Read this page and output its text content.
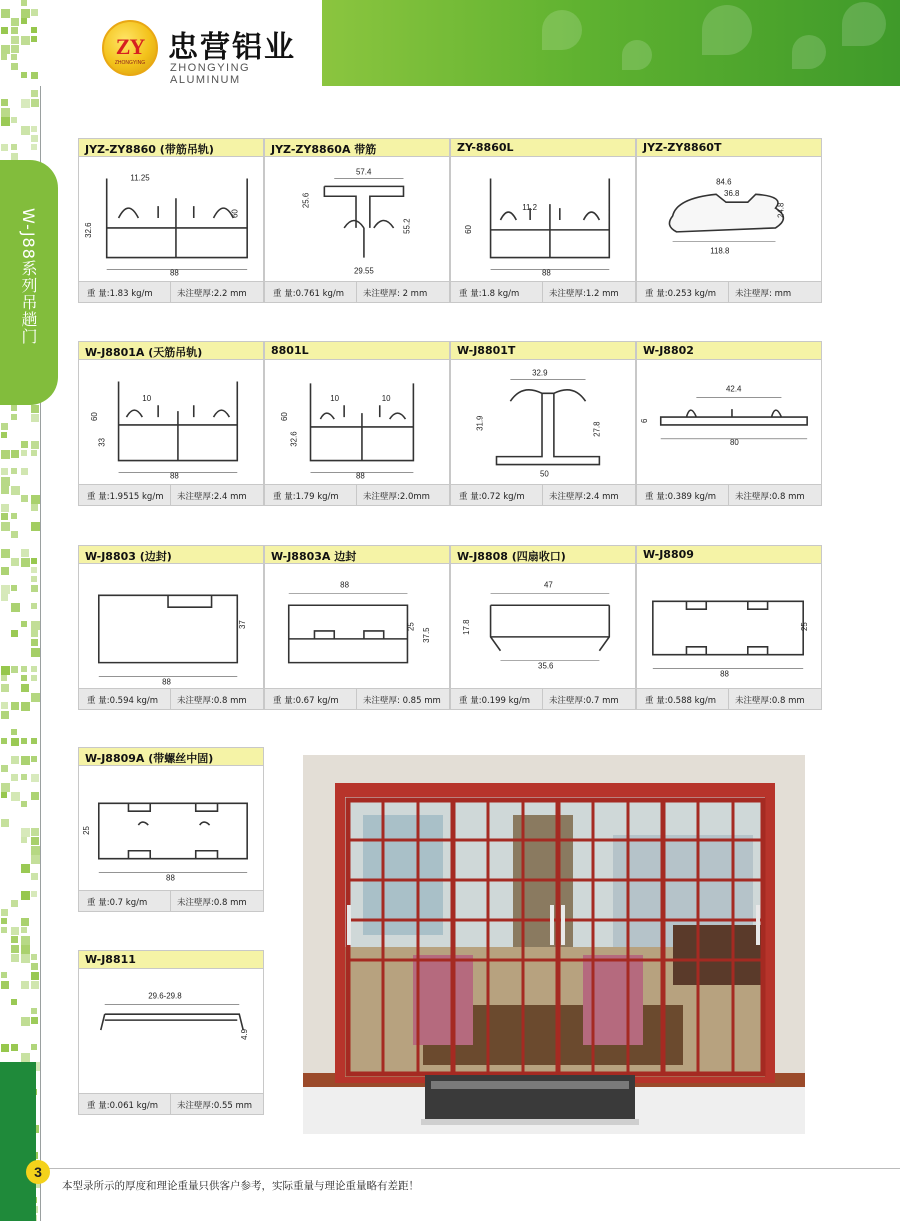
ZY
ZHONGYING 忠营铝业
ZHONGYING ALUMINUM
W-J88系列吊趟门
JYZ-ZY8860 (带筋吊轨)
11.25
32.6
60
88
重 量:1.83 kg/m	未注壁厚:2.2 mm
JYZ-ZY8860A 带筋
57.4
25.6
55.2
29.55
重 量:0.761 kg/m 未注壁厚: 2 mm
ZY-8860L
11.2
60
88
重 量:1.8 kg/m	未注壁厚:1.2 mm
JYZ-ZY8860T
84.6
36.8
24.8
118.8
重 量:0.253 kg/m 未注壁厚: mm
W-J8801A (天筋吊轨)
10
60
33
88
重 量:1.9515 kg/m 未注壁厚:2.4 mm
8801L
10	10
60
32.6
88
重 量:1.79 kg/m	未注壁厚:2.0mm
W-J8801T
32.9
31.9	27.8
50
重 量:0.72 kg/m	未注壁厚:2.4 mm
W-J8802
42.4
6
80
重 量:0.389 kg/m 未注壁厚:0.8 mm
W-J8803 (边封)
37
88
重 量:0.594 kg/m 未注壁厚:0.8 mm
W-J8803A 边封
88
25
37.5
重 量:0.67 kg/m	未注壁厚: 0.85 mm
W-J8808 (四扇收口)
47
17.8
35.6
重 量:0.199 kg/m 未注壁厚:0.7 mm
W-J8809
25
88
重 量:0.588 kg/m 未注壁厚:0.8 mm
W-J8809A (带螺丝中固)
25
88
重 量:0.7 kg/m	未注壁厚:0.8 mm
W-J8811
29.6-29.8
4.9
重 量:0.061 kg/m 未注壁厚:0.55 mm
3
本型录所示的厚度和理论重量只供客户参考，实际重量与理论重量略有差距！
